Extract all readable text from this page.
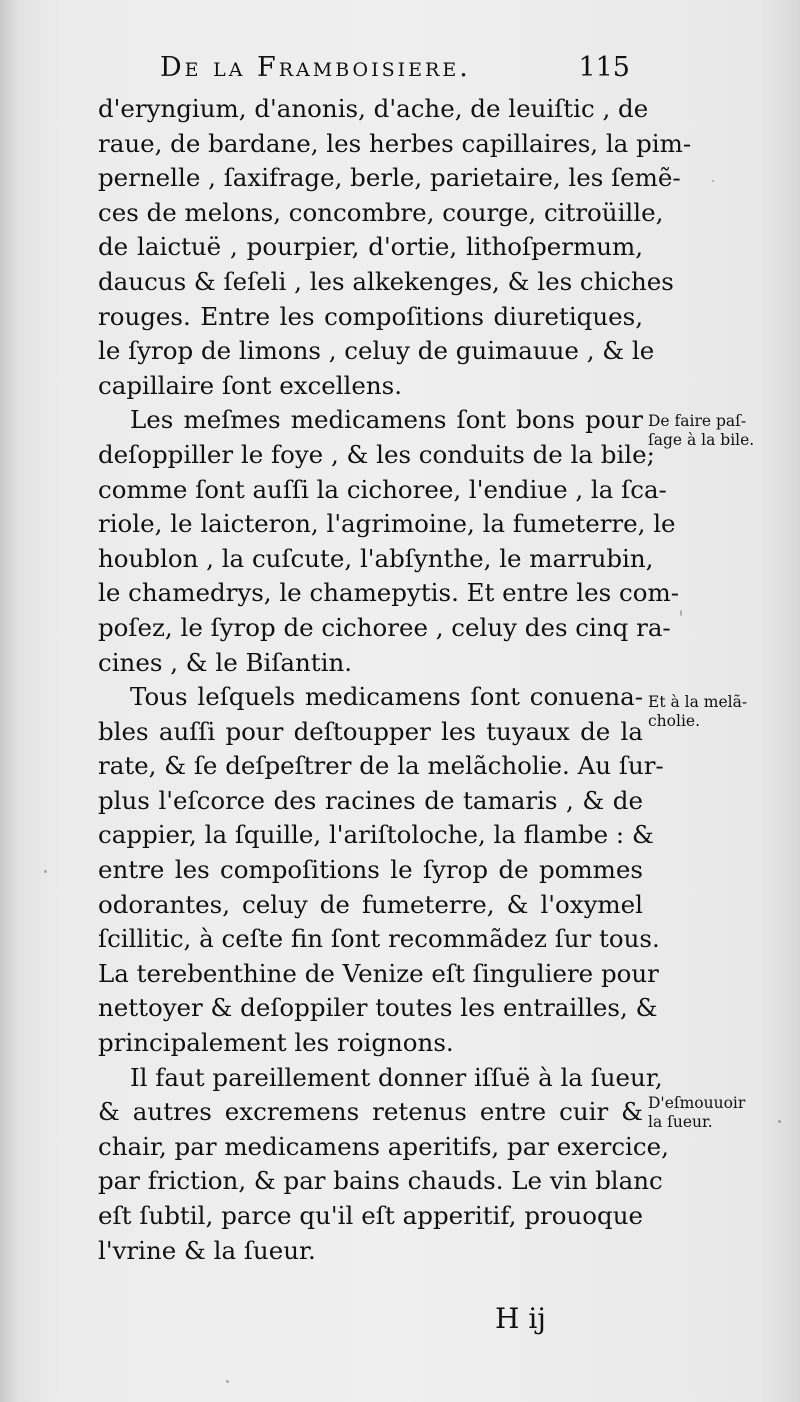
De la Framboisiere.	115
d'eryngium, d'anonis, d'ache, de leuiſtic , de
raue, de bardane, les herbes capillaires, la pim-
pernelle , ſaxifrage, berle, parietaire, les ſemẽ-
ces de melons, concombre, courge, citroüille,
de laictuë , pourpier, d'ortie, lithoſpermum,
daucus & ſeſeli , les alkekenges, & les chiches
rouges. Entre les compoſitions diuretiques,
le ſyrop de limons , celuy de guimauue , & le
capillaire ſont excellens.
Les meſmes medicamens ſont bons pour
deſoppiller le foye , & les conduits de la bile;
comme ſont auſſi la cichoree, l'endiue , la ſca-
riole, le laicteron, l'agrimoine, la fumeterre, le
houblon , la cuſcute, l'abſynthe, le marrubin,
le chamedrys, le chamepytis. Et entre les com-
poſez, le ſyrop de cichoree , celuy des cinq ra-
cines , & le Biſantin.
Tous leſquels medicamens ſont conuena-
bles auſſi pour deſtoupper les tuyaux de la
rate, & ſe deſpeſtrer de la melãcholie. Au ſur-
plus l'eſcorce des racines de tamaris , & de
cappier, la ſquille, l'ariſtoloche, la flambe : &
entre les compoſitions le ſyrop de pommes
odorantes, celuy de fumeterre, & l'oxymel
ſcillitic, à ceſte fin ſont recommãdez ſur tous.
La terebenthine de Venize eſt ſinguliere pour
nettoyer & deſoppiler toutes les entrailles, &
principalement les roignons.
Il faut pareillement donner iſſuë à la ſueur,
& autres excremens retenus entre cuir &
chair, par medicamens aperitifs, par exercice,
par friction, & par bains chauds. Le vin blanc
eſt ſubtil, parce qu'il eſt apperitif, prouoque
l'vrine & la ſueur.
De faire paſ-
ſage à la bile.
Et à la melã-
cholie.
D'eſmouuoir
la ſueur.
H ij
